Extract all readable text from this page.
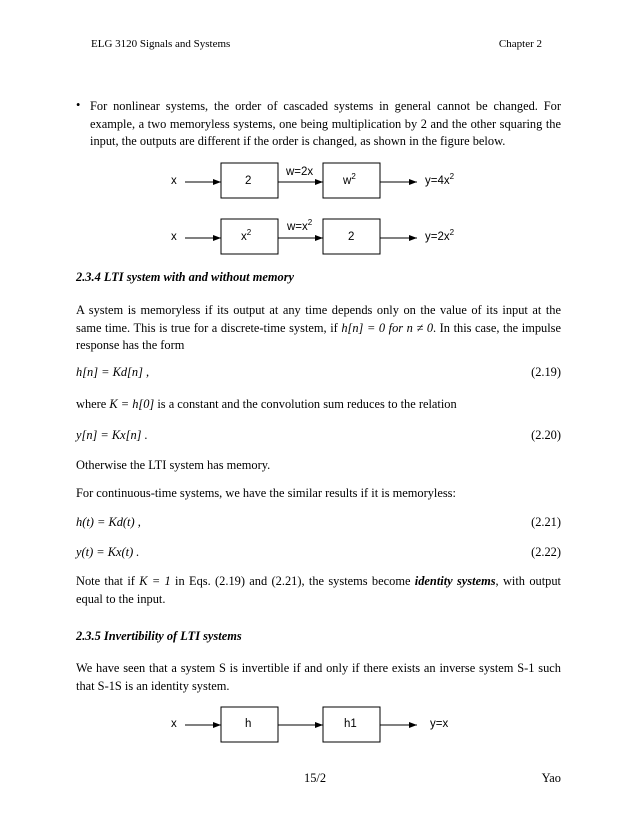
ELG 3120 Signals and Systems	Chapter 2
• For nonlinear systems, the order of cascaded systems in general cannot be changed. For example, a two memoryless systems, one being multiplication by 2 and the other squaring the input, the outputs are different if the order is changed, as shown in the figure below.
x	2
w=2x
$w^2$	$y=4x^2$
x	$x^2$	$w=x^2$
2	$y=2x^2$
2.3.4 LTI system with and without memory
A system is memoryless if its output at any time depends only on the value of its input at the same time. This is true for a discrete-time system, if h[n] = 0 for n ≠ 0. In this case, the impulse response has the form
h[n] = Kd[n] ,	(2.19)
where K = h[0] is a constant and the convolution sum reduces to the relation
y[n] = Kx[n] .	(2.20)
Otherwise the LTI system has memory.
For continuous-time systems, we have the similar results if it is memoryless:
h(t) = Kd(t) ,	(2.21)
y(t) = Kx(t) .	(2.22)
Note that if K = 1 in Eqs. (2.19) and (2.21), the systems become identity systems, with output equal to the input.
2.3.5 Invertibility of LTI systems
We have seen that a system S is invertible if and only if there exists an inverse system S-1 such that S-1S is an identity system.
x	h	h1	y=x
15/2	Yao
